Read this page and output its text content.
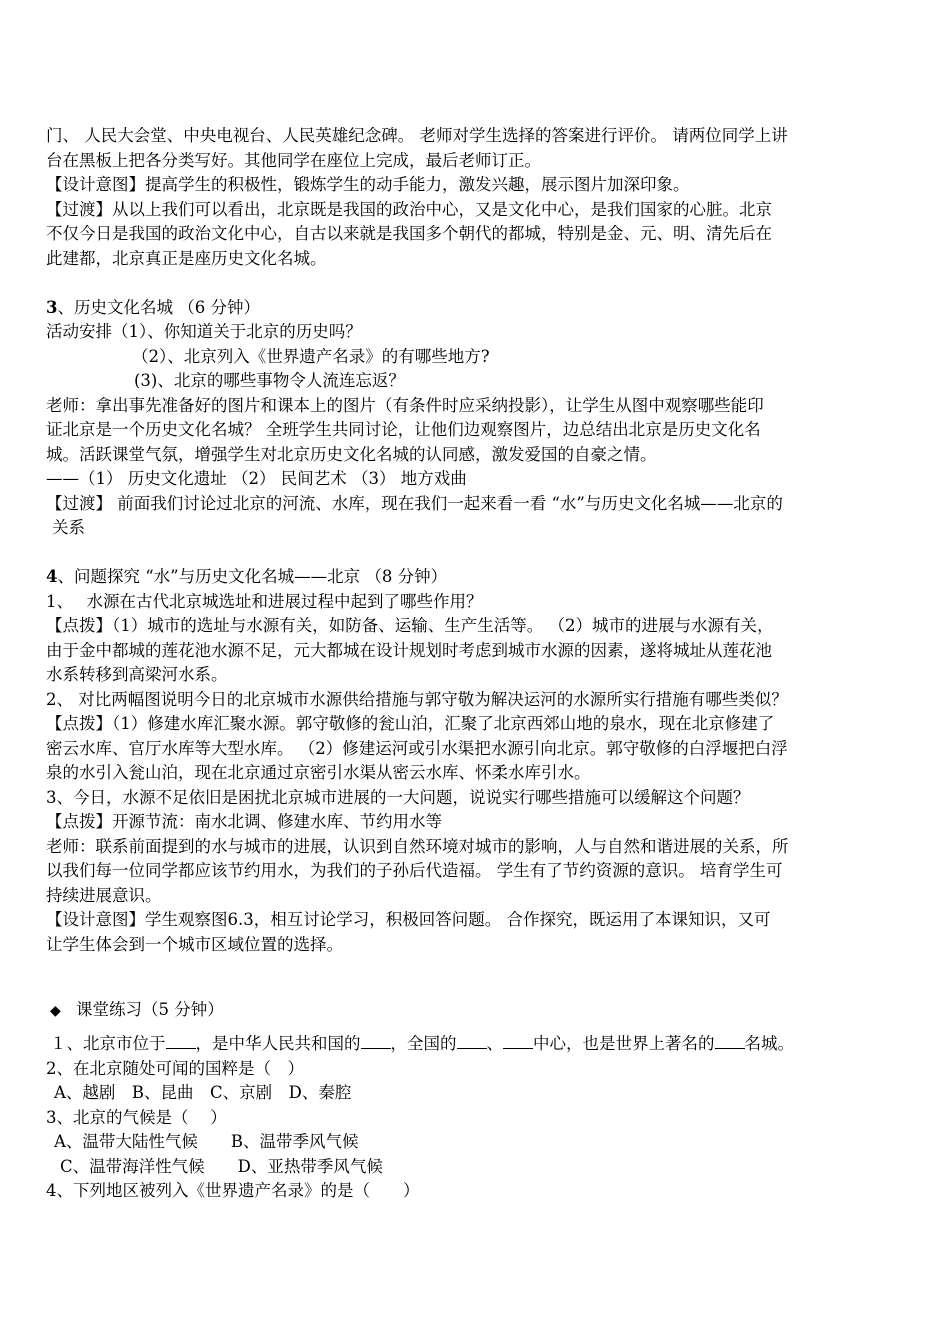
门、 人民大会堂、中央电视台、人民英雄纪念碑。 老师对学生选择的答案进行评价。 请两位同学上讲
台在黑板上把各分类写好。其他同学在座位上完成，最后老师订正。
【设计意图】提高学生的积极性，锻炼学生的动手能力，激发兴趣，展示图片加深印象。
【过渡】从以上我们可以看出，北京既是我国的政治中心，又是文化中心，是我们国家的心脏。北京
不仅今日是我国的政治文化中心，自古以来就是我国多个朝代的都城，特别是金、元、明、清先后在
此建都，北京真正是座历史文化名城。
3、历史文化名城 （6 分钟）
活动安排（1）、你知道关于北京的历史吗？
（2）、北京列入《世界遗产名录》的有哪些地方?
(3)、北京的哪些事物令人流连忘返？
老师：拿出事先准备好的图片和课本上的图片（有条件时应采纳投影），让学生从图中观察哪些能印
证北京是一个历史文化名城？ 全班学生共同讨论，让他们边观察图片，边总结出北京是历史文化名
城。活跃课堂气氛，增强学生对北京历史文化名城的认同感，激发爱国的自豪之情。
——（1） 历史文化遗址 （2） 民间艺术 （3） 地方戏曲
【过渡】 前面我们讨论过北京的河流、水库，现在我们一起来看一看 “水”与历史文化名城——北京的
关系
4、问题探究 “水”与历史文化名城——北京 （8 分钟）
1、　 水源在古代北京城选址和进展过程中起到了哪些作用？
【点拨】（1）城市的选址与水源有关，如防备、运输、生产生活等。 （2）城市的进展与水源有关，
由于金中都城的莲花池水源不足，元大都城在设计规划时考虑到城市水源的因素，遂将城址从莲花池
水系转移到高梁河水系。
2、 对比两幅图说明今日的北京城市水源供给措施与郭守敬为解决运河的水源所实行措施有哪些类似？
【点拨】（1）修建水库汇聚水源。郭守敬修的瓮山泊，汇聚了北京西郊山地的泉水，现在北京修建了
密云水库、官厅水库等大型水库。 （2）修建运河或引水渠把水源引向北京。郭守敬修的白浮堰把白浮
泉的水引入瓮山泊，现在北京通过京密引水渠从密云水库、怀柔水库引水。
3、今日，水源不足依旧是困扰北京城市进展的一大问题，说说实行哪些措施可以缓解这个问题？
【点拨】开源节流：南水北调、修建水库、节约用水等
老师：联系前面提到的水与城市的进展，认识到自然环境对城市的影响，人与自然和谐进展的关系，所
以我们每一位同学都应该节约用水，为我们的子孙后代造福。 学生有了节约资源的意识。 培育学生可
持续进展意识。
【设计意图】学生观察图6.3，相互讨论学习，积极回答问题。 合作探究，既运用了本课知识，又可
让学生体会到一个城市区域位置的选择。
◆ 课堂练习（5 分钟）
１、北京市位于 ，是中华人民共和国的 ，全国的 、 中心，也是世界上著名的 名城。
2、在北京随处可闻的国粹是（　）
A、越剧　B、昆曲　C、京剧　D、秦腔
3、北京的气候是（　 ）
A、温带大陆性气候　　B、温带季风气候
C、温带海洋性气候　　D、亚热带季风气候
4、下列地区被列入《世界遗产名录》的是（　　）
